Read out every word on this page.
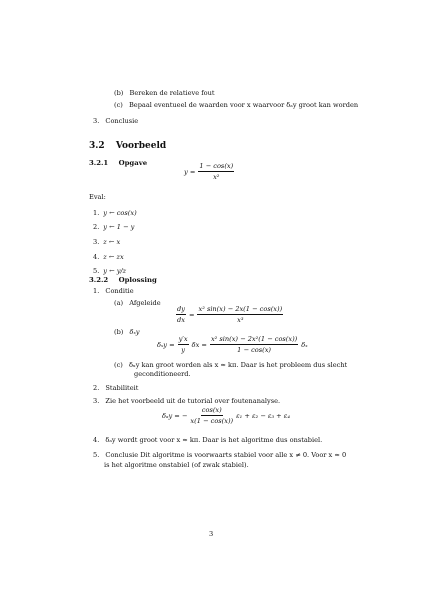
(b) Bereken de relatieve fout
(c) Bepaal eventueel de waarden voor x waarvoor δₐy groot kan worden
3. Conclusie
3.2 Voorbeeld
3.2.1 Opgave
$y = \frac{1 - \cos(x)}{\text{x²}}$
Eval:
1. y ← cos(x)
2. y ← 1 − y
3. z ← x
4. z ← zx
5. y ← y/z
3.2.2 Oplossing
1. Conditie
(a) Afgeleide
$\frac{dy}{dx} = \frac{\text{x² sin(x) − 2x(1 − cos(x))}}{\text{x³}}$
(b) δₓy
$\delta_xy = \frac{y'x}{y}$ $\delta x = \frac{\text{x² sin(x) − 2x²(1 − cos(x))}}{1 - \cos(x)}$ δₓ
(c) δₓy kan groot worden als x ≈ kπ. Daar is het probleem dus slecht
geconditioneerd.
2. Stabiliteit
3. Zie het voorbeeld uit de tutorial over foutenanalyse.
δₐy = − $\frac{\cos(x)}{x(1 - \cos(x))} \varepsilon_1 + \varepsilon_2 - \varepsilon_3 + \varepsilon_4$
4. δₐy wordt groot voor x ≈ kπ. Daar is het algoritme dus onstabiel.
5. Conclusie Dit algoritme is voorwaarts stabiel voor alle x ≠ 0. Voor x ≈ 0
is het algoritme onstabiel (of zwak stabiel).
3
